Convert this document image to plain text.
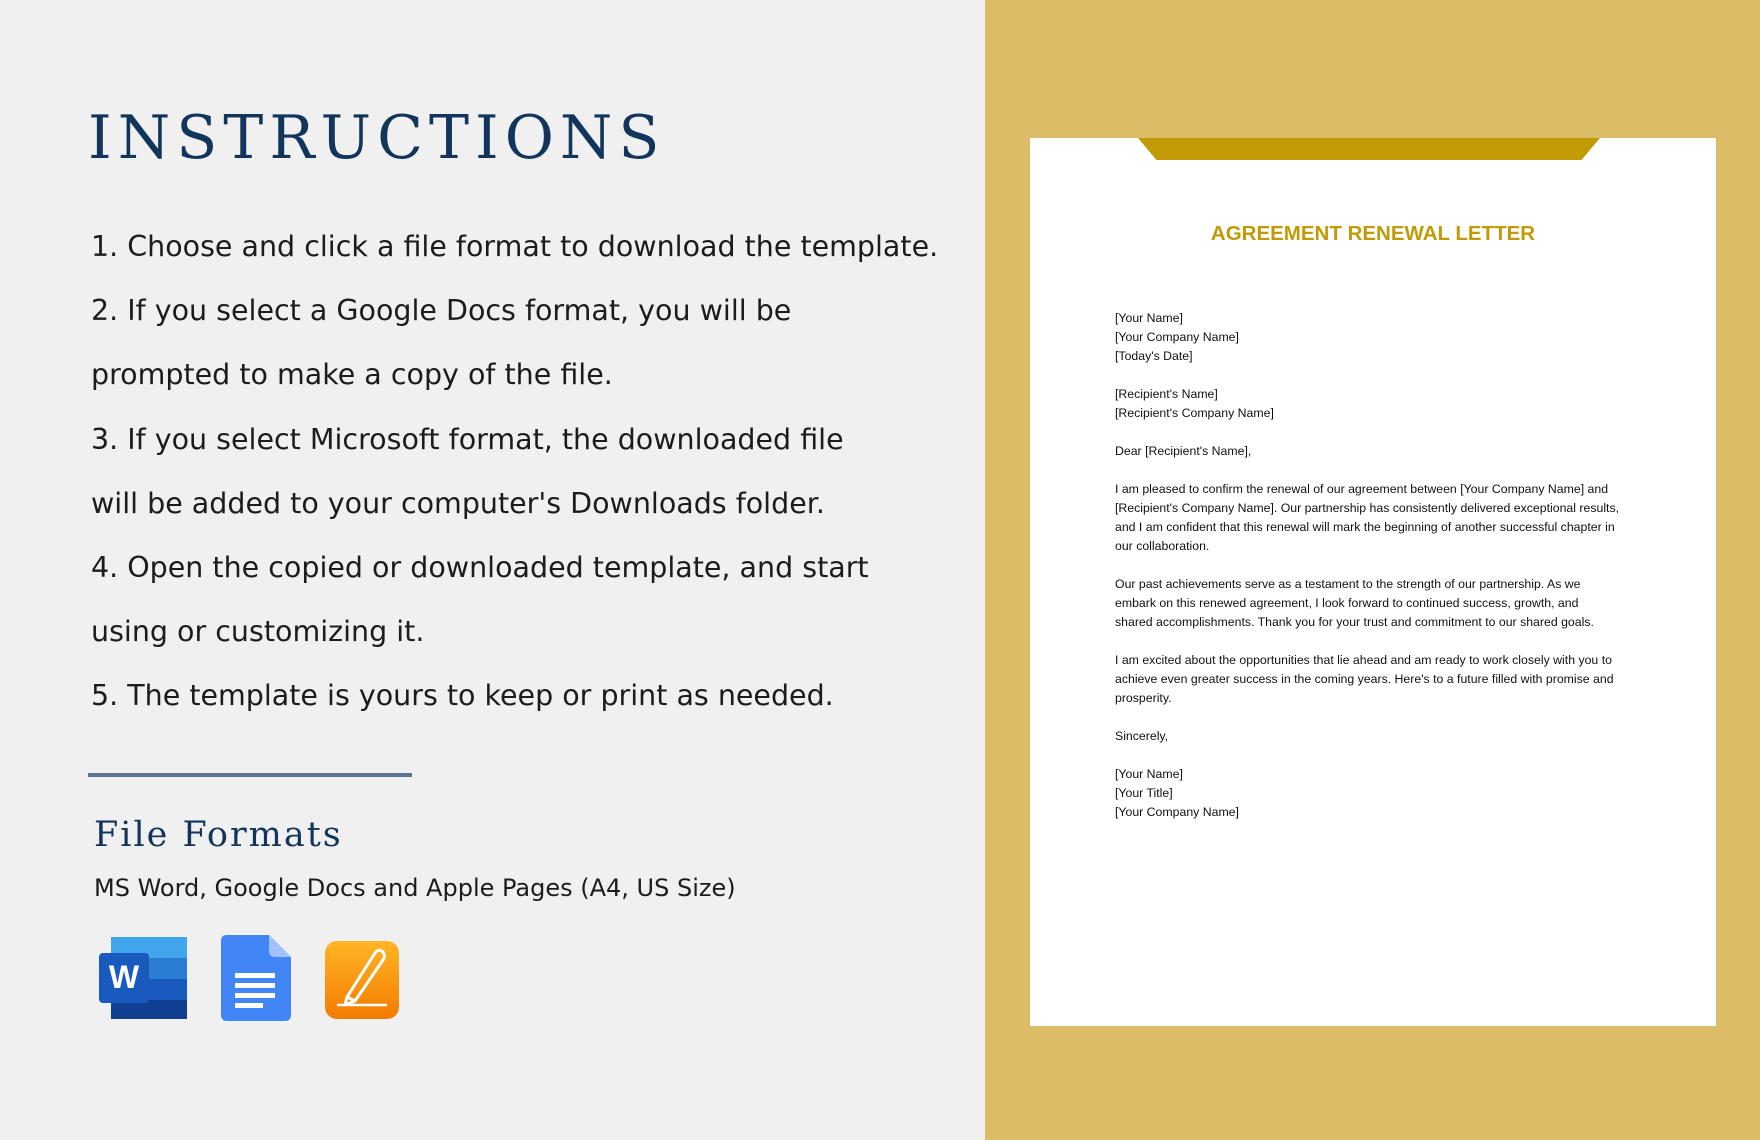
INSTRUCTIONS
1. Choose and click a file format to download the template.
2. If you select a Google Docs format, you will be
prompted to make a copy of the file.
3. If you select Microsoft format, the downloaded file
will be added to your computer's Downloads folder.
4. Open the copied or downloaded template, and start
using or customizing it.
5. The template is yours to keep or print as needed.
File Formats
MS Word, Google Docs and Apple Pages (A4, US Size)
W
AGREEMENT RENEWAL LETTER
[Your Name]
[Your Company Name]
[Today's Date]
[Recipient's Name]
[Recipient's Company Name]
Dear [Recipient's Name],
I am pleased to confirm the renewal of our agreement between [Your Company Name] and
[Recipient's Company Name]. Our partnership has consistently delivered exceptional results,
and I am confident that this renewal will mark the beginning of another successful chapter in
our collaboration.
Our past achievements serve as a testament to the strength of our partnership. As we
embark on this renewed agreement, I look forward to continued success, growth, and
shared accomplishments. Thank you for your trust and commitment to our shared goals.
I am excited about the opportunities that lie ahead and am ready to work closely with you to
achieve even greater success in the coming years. Here's to a future filled with promise and
prosperity.
Sincerely,
[Your Name]
[Your Title]
[Your Company Name]
